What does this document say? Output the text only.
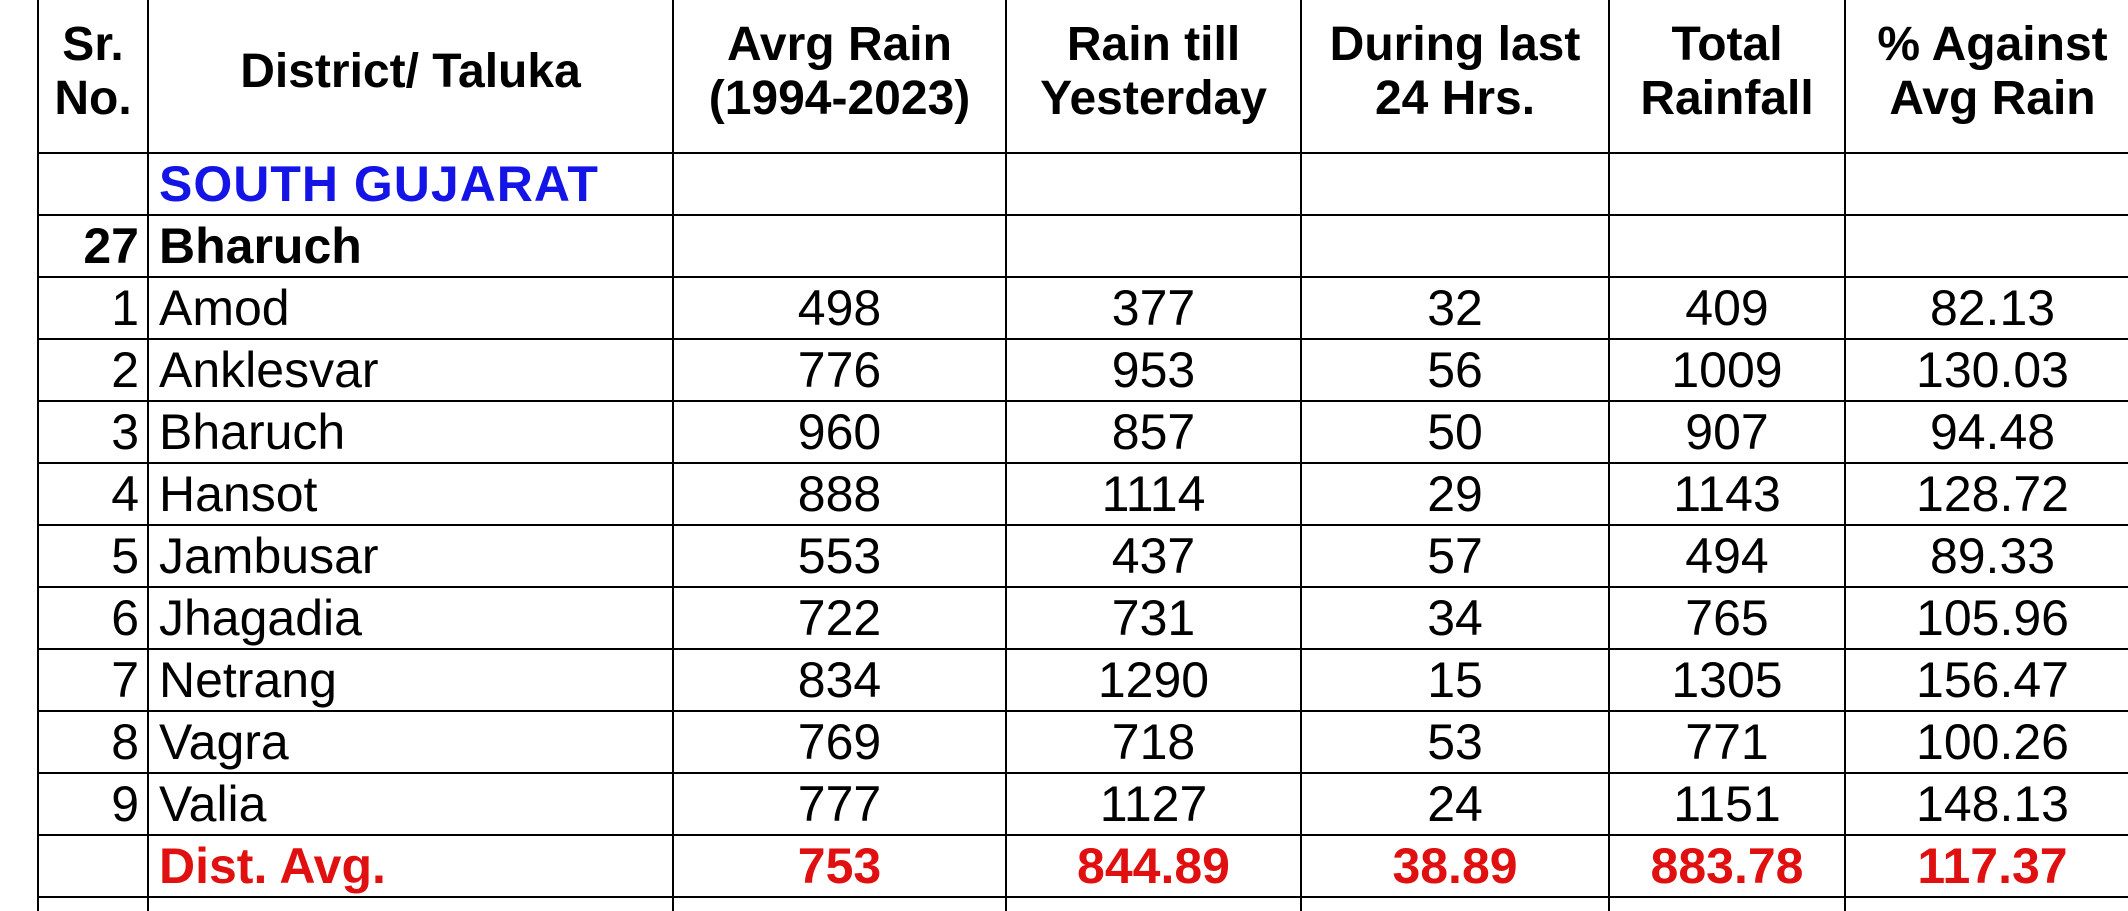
Sr. No.	District/ Taluka	Avrg Rain (1994-2023)	Rain till Yesterday	During last 24 Hrs.	Total Rainfall	% Against Avg Rain
	SOUTH GUJARAT					
27	Bharuch					
1	Amod	498	377	32	409	82.13
2	Anklesvar	776	953	56	1009	130.03
3	Bharuch	960	857	50	907	94.48
4	Hansot	888	1114	29	1143	128.72
5	Jambusar	553	437	57	494	89.33
6	Jhagadia	722	731	34	765	105.96
7	Netrang	834	1290	15	1305	156.47
8	Vagra	769	718	53	771	100.26
9	Valia	777	1127	24	1151	148.13
	Dist. Avg.	753	844.89	38.89	883.78	117.37
